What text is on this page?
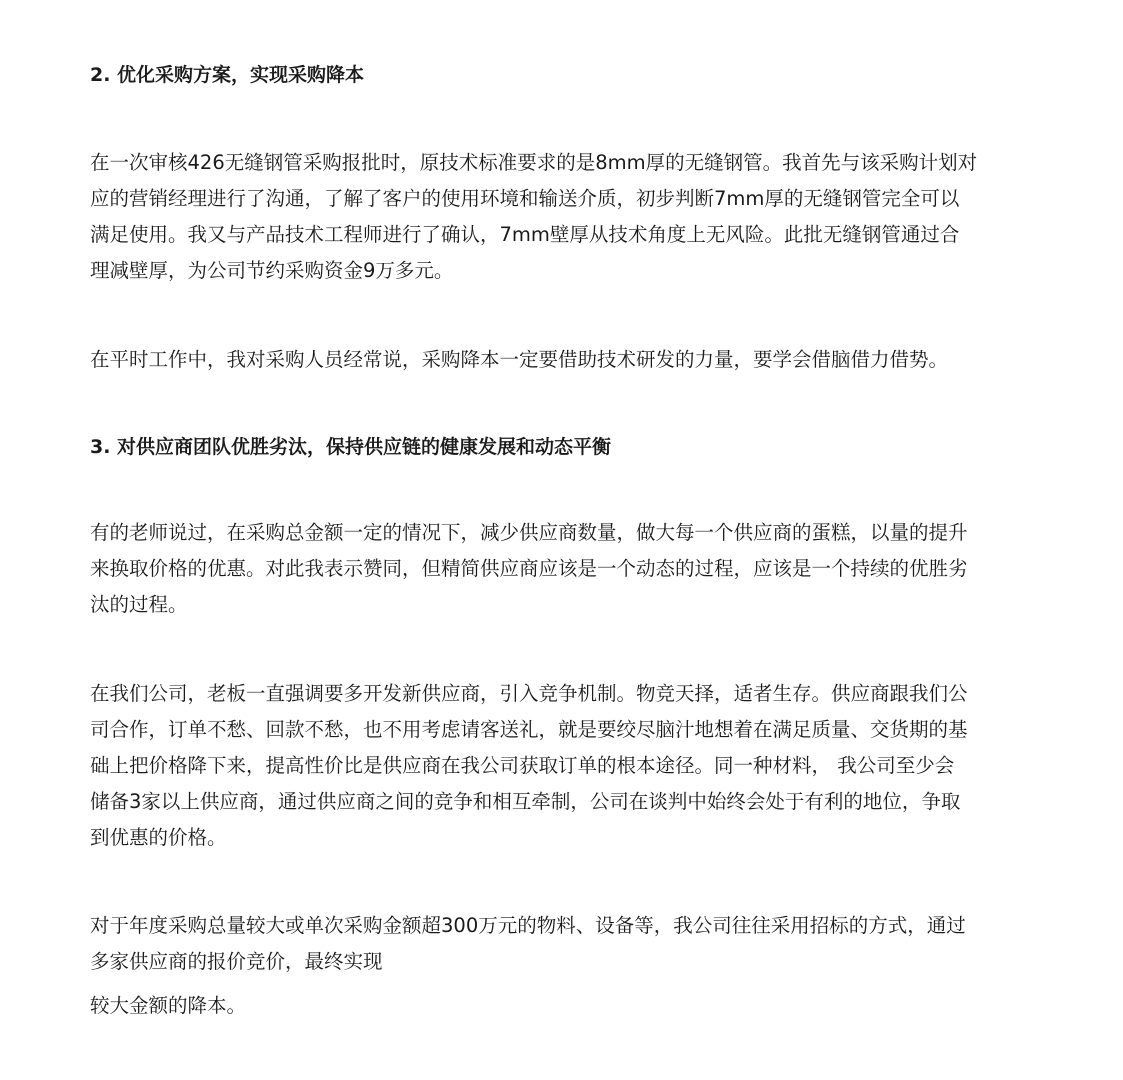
2. 优化采购方案，实现采购降本

在一次审核426无缝钢管采购报批时，原技术标准要求的是8mm厚的无缝钢管。我首先与该采购计划对
应的营销经理进行了沟通，了解了客户的使用环境和输送介质，初步判断7mm厚的无缝钢管完全可以
满足使用。我又与产品技术工程师进行了确认，7mm壁厚从技术角度上无风险。此批无缝钢管通过合
理减壁厚，为公司节约采购资金9万多元。

在平时工作中，我对采购人员经常说，采购降本一定要借助技术研发的力量，要学会借脑借力借势。

3. 对供应商团队优胜劣汰，保持供应链的健康发展和动态平衡

有的老师说过，在采购总金额一定的情况下，减少供应商数量，做大每一个供应商的蛋糕，以量的提升
来换取价格的优惠。对此我表示赞同，但精简供应商应该是一个动态的过程，应该是一个持续的优胜劣
汰的过程。

在我们公司，老板一直强调要多开发新供应商，引入竞争机制。物竞天择，适者生存。供应商跟我们公
司合作，订单不愁、回款不愁，也不用考虑请客送礼，就是要绞尽脑汁地想着在满足质量、交货期的基
础上把价格降下来，提高性价比是供应商在我公司获取订单的根本途径。同一种材料， 我公司至少会
储备3家以上供应商，通过供应商之间的竞争和相互牵制，公司在谈判中始终会处于有利的地位，争取
到优惠的价格。

对于年度采购总量较大或单次采购金额超300万元的物料、设备等，我公司往往采用招标的方式，通过
多家供应商的报价竞价，最终实现

较大金额的降本。
